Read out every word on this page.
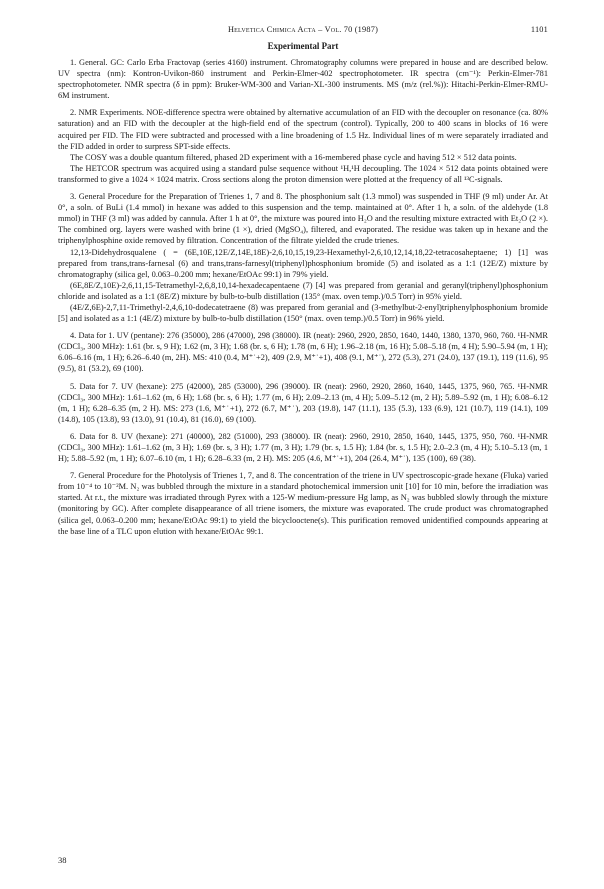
Helvetica Chimica Acta – Vol. 70 (1987)	1101
Experimental Part

1. General. GC: Carlo Erba Fractovap (series 4160) instrument. Chromatography columns were prepared in house and are described below. UV spectra (nm): Kontron-Uvikon-860 instrument and Perkin-Elmer-402 spectrophotometer. IR spectra (cm⁻¹): Perkin-Elmer-781 spectrophotometer. NMR spectra (δ in ppm): Bruker-WM-300 and Varian-XL-300 instruments. MS (m/z (rel.%)): Hitachi-Perkin-Elmer-RMU-6M instrument.

2. NMR Experiments. NOE-difference spectra were obtained by alternative accumulation of an FID with the decoupler on resonance (ca. 80% saturation) and an FID with the decoupler at the high-field end of the spectrum (control). Typically, 200 to 400 scans in blocks of 16 were acquired per FID. The FID were subtracted and processed with a line broadening of 1.5 Hz. Individual lines of m were separately irradiated and the FID added in order to surpress SPT-side effects.

The COSY was a double quantum filtered, phased 2D experiment with a 16-membered phase cycle and having 512 × 512 data points.

The HETCOR spectrum was acquired using a standard pulse sequence without ¹H,¹H decoupling. The 1024 × 512 data points obtained were transformed to give a 1024 × 1024 matrix. Cross sections along the proton dimension were plotted at the frequency of all ¹³C-signals.

3. General Procedure for the Preparation of Trienes 1, 7 and 8. The phosphonium salt (1.3 mmol) was suspended in THF (9 ml) under Ar. At 0°, a soln. of BuLi (1.4 mmol) in hexane was added to this suspension and the temp. maintained at 0°. After 1 h, a soln. of the aldehyde (1.8 mmol) in THF (3 ml) was added by cannula. After 1 h at 0°, the mixture was poured into H₂O and the resulting mixture extracted with Et₂O (2 ×). The combined org. layers were washed with brine (1 ×), dried (MgSO₄), filtered, and evaporated. The residue was taken up in hexane and the triphenylphosphine oxide removed by filtration. Concentration of the filtrate yielded the crude trienes.

12,13-Didehydrosqualene ( = (6E,10E,12E/Z,14E,18E)-2,6,10,15,19,23-Hexamethyl-2,6,10,12,14,18,22-tetracosaheptaene; 1) [1] was prepared from trans,trans-farnesal (6) and trans,trans-farnesyl(triphenyl)phosphonium bromide (5) and isolated as a 1:1 (12E/Z) mixture by chromatography (silica gel, 0.063–0.200 mm; hexane/EtOAc 99:1) in 79% yield.

(6E,8E/Z,10E)-2,6,11,15-Tetramethyl-2,6,8,10,14-hexadecapentaene (7) [4] was prepared from geranial and geranyl(triphenyl)phosphonium chloride and isolated as a 1:1 (8E/Z) mixture by bulb-to-bulb distillation (135° (max. oven temp.)/0.5 Torr) in 95% yield.

(4E/Z,6E)-2,7,11-Trimethyl-2,4,6,10-dodecatetraene (8) was prepared from geranial and (3-methylbut-2-enyl)triphenylphosphonium bromide [5] and isolated as a 1:1 (4E/Z) mixture by bulb-to-bulb distillation (150° (max. oven temp.)/0.5 Torr) in 96% yield.

4. Data for 1. UV (pentane): 276 (35000), 286 (47000), 298 (38000). IR (neat): 2960, 2920, 2850, 1640, 1440, 1380, 1370, 960, 760. ¹H-NMR (CDCl₃, 300 MHz): 1.61 (br. s, 9 H); 1.62 (m, 3 H); 1.68 (br. s, 6 H); 1.78 (m, 6 H); 1.96–2.18 (m, 16 H); 5.08–5.18 (m, 4 H); 5.90–5.94 (m, 1 H); 6.06–6.16 (m, 1 H); 6.26–6.40 (m, 2H). MS: 410 (0.4, M⁺˙+2), 409 (2.9, M⁺˙+1), 408 (9.1, M⁺˙), 272 (5.3), 271 (24.0), 137 (19.1), 119 (11.6), 95 (9.5), 81 (53.2), 69 (100).

5. Data for 7. UV (hexane): 275 (42000), 285 (53000), 296 (39000). IR (neat): 2960, 2920, 2860, 1640, 1445, 1375, 960, 765. ¹H-NMR (CDCl₃, 300 MHz): 1.61–1.62 (m, 6 H); 1.68 (br. s, 6 H); 1.77 (m, 6 H); 2.09–2.13 (m, 4 H); 5.09–5.12 (m, 2 H); 5.89–5.92 (m, 1 H); 6.08–6.12 (m, 1 H); 6.28–6.35 (m, 2 H). MS: 273 (1.6, M⁺˙+1), 272 (6.7, M⁺˙), 203 (19.8), 147 (11.1), 135 (5.3), 133 (6.9), 121 (10.7), 119 (14.1), 109 (14.8), 105 (13.8), 93 (13.0), 91 (10.4), 81 (16.0), 69 (100).

6. Data for 8. UV (hexane): 271 (40000), 282 (51000), 293 (38000). IR (neat): 2960, 2910, 2850, 1640, 1445, 1375, 950, 760. ¹H-NMR (CDCl₃, 300 MHz): 1.61–1.62 (m, 3 H); 1.69 (br. s, 3 H); 1.77 (m, 3 H); 1.79 (br. s, 1.5 H); 1.84 (br. s, 1.5 H); 2.0–2.3 (m, 4 H); 5.10–5.13 (m, 1 H); 5.88–5.92 (m, 1 H); 6.07–6.10 (m, 1 H); 6.28–6.33 (m, 2 H). MS: 205 (4.6, M⁺˙+1), 204 (26.4, M⁺˙), 135 (100), 69 (38).

7. General Procedure for the Photolysis of Trienes 1, 7, and 8. The concentration of the triene in UV spectroscopic-grade hexane (Fluka) varied from 10⁻⁴ to 10⁻²M. N₂ was bubbled through the mixture in a standard photochemical immersion unit [10] for 10 min, before the irradiation was started. At r.t., the mixture was irradiated through Pyrex with a 125-W medium-pressure Hg lamp, as N₂ was bubbled slowly through the mixture (monitoring by GC). After complete disappearance of all triene isomers, the mixture was evaporated. The crude product was chromatographed (silica gel, 0.063–0.200 mm; hexane/EtOAc 99:1) to yield the bicyclooctene(s). This purification removed unidentified compounds appearing at the base line of a TLC upon elution with hexane/EtOAc 99:1.

38
